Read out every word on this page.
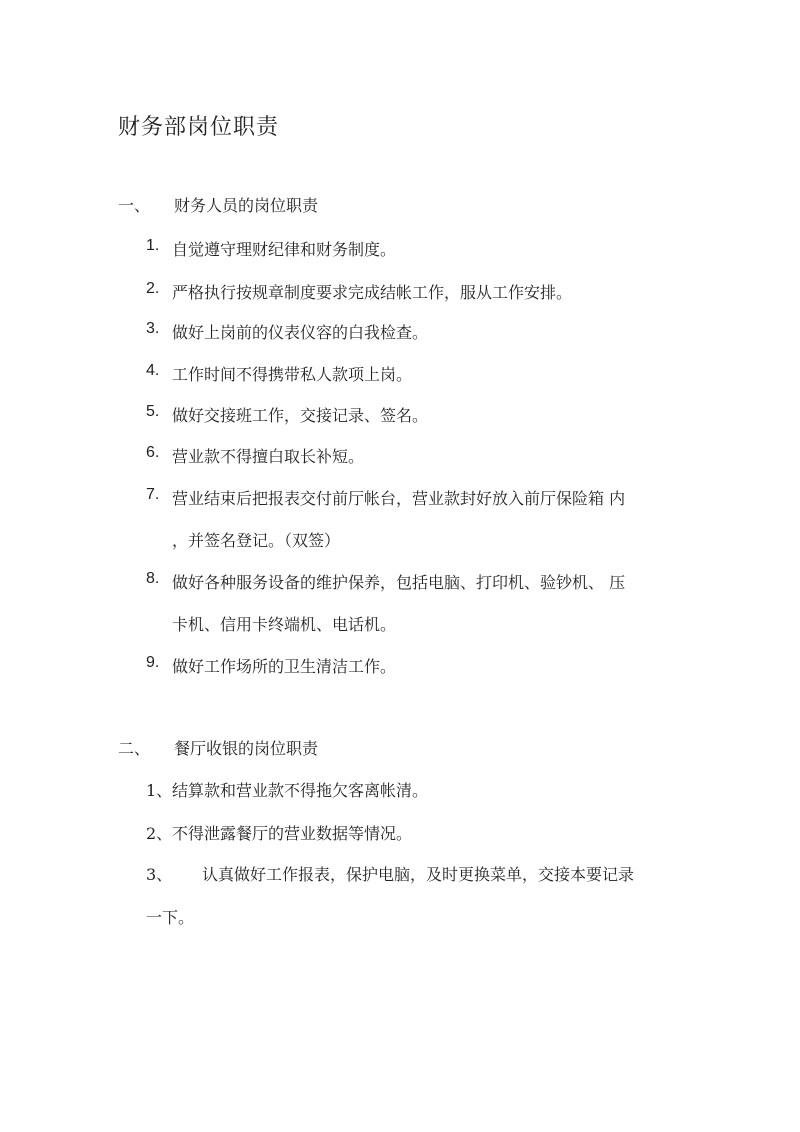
财务部岗位职责
一、 财务人员的岗位职责
1. 自觉遵守理财纪律和财务制度。
2. 严格执行按规章制度要求完成结帐工作，服从工作安排。
3. 做好上岗前的仪表仪容的白我检查。
4. 工作时间不得携带私人款项上岗。
5. 做好交接班工作，交接记录、签名。
6. 营业款不得擅白取长补短。
7. 营业结束后把报表交付前厅帐台，营业款封好放入前厅保险箱 内
，并签名登记。（双签）
8. 做好各种服务设备的维护保养，包括电脑、打印机、验钞机、 压
卡机、信用卡终端机、电话机。
9. 做好工作场所的卫生清洁工作。
二、 餐厅收银的岗位职责
1、 结算款和营业款不得拖欠客离帐清。
2、 不得泄露餐厅的营业数据等情况。
3、 认真做好工作报表，保护电脑，及时更换菜单，交接本要记录
一下。
